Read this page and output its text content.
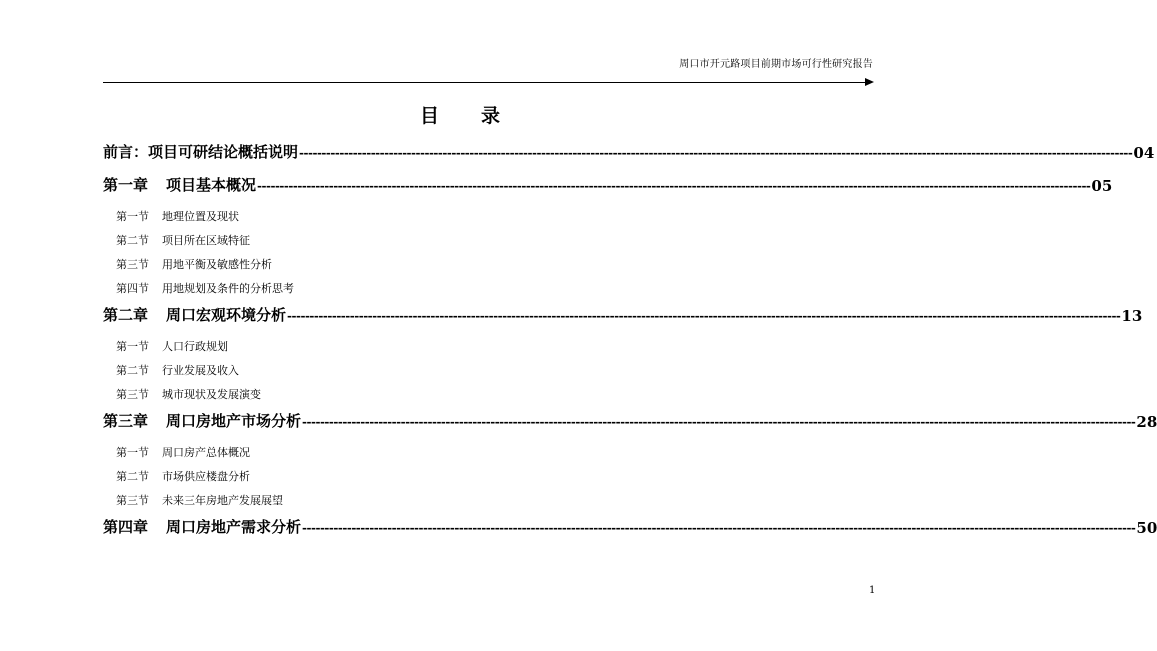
周口市开元路项目前期市场可行性研究报告
目录
前言：项目可研结论概括说明 ------------------------------------------------------------------------------------------------------------------------------------------------------------------------------------------ 04
第一章 项目基本概况 ------------------------------------------------------------------------------------------------------------------------------------------------------------------------------------------ 05
第一节 地理位置及现状
第二节 项目所在区域特征
第三节 用地平衡及敏感性分析
第四节 用地规划及条件的分析思考
第二章 周口宏观环境分析 ------------------------------------------------------------------------------------------------------------------------------------------------------------------------------------------ 13
第一节 人口行政规划
第二节 行业发展及收入
第三节 城市现状及发展演变
第三章 周口房地产市场分析 ------------------------------------------------------------------------------------------------------------------------------------------------------------------------------------------ 28
第一节 周口房产总体概况
第二节 市场供应楼盘分析
第三节 未来三年房地产发展展望
第四章 周口房地产需求分析 ------------------------------------------------------------------------------------------------------------------------------------------------------------------------------------------ 50
1
